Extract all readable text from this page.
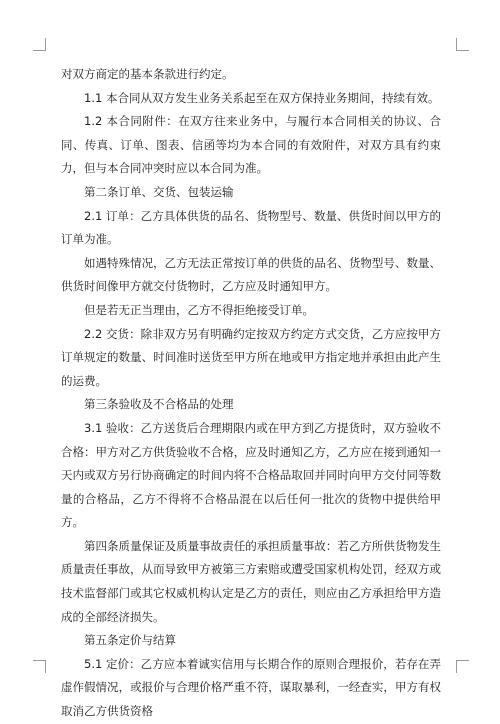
对双方商定的基本条款进行约定。

1.1 本合同从双方发生业务关系起至在双方保持业务期间，持续有效。

1.2 本合同附件：在双方往来业务中，与履行本合同相关的协议、合同、传真、订单、图表、信函等均为本合同的有效附件，对双方具有约束力，但与本合同冲突时应以本合同为准。

第二条订单、交货、包装运输

2.1 订单：乙方具体供货的品名、货物型号、数量、供货时间以甲方的订单为准。

如遇特殊情况，乙方无法正常按订单的供货的品名、货物型号、数量、供货时间像甲方就交付货物时，乙方应及时通知甲方。

但是若无正当理由，乙方不得拒绝接受订单。

2.2 交货：除非双方另有明确约定按双方约定方式交货，乙方应按甲方订单规定的数量、时间准时送货至甲方所在地或甲方指定地并承担由此产生的运费。

第三条验收及不合格品的处理

3.1 验收：乙方送货后合理期限内或在甲方到乙方提货时，双方验收不合格：甲方对乙方供货验收不合格，应及时通知乙方，乙方应在接到通知一天内或双方另行协商确定的时间内将不合格品取回并同时向甲方交付同等数量的合格品，乙方不得将不合格品混在以后任何一批次的货物中提供给甲方。

第四条质量保证及质量事故责任的承担质量事故：若乙方所供货物发生质量责任事故，从而导致甲方被第三方索赔或遭受国家机构处罚，经双方或技术监督部门或其它权威机构认定是乙方的责任，则应由乙方承担给甲方造成的全部经济损失。

第五条定价与结算

5.1 定价：乙方应本着诚实信用与长期合作的原则合理报价，若存在弄虚作假情况，或报价与合理价格严重不符，谋取暴利，一经查实，甲方有权取消乙方供货资格
